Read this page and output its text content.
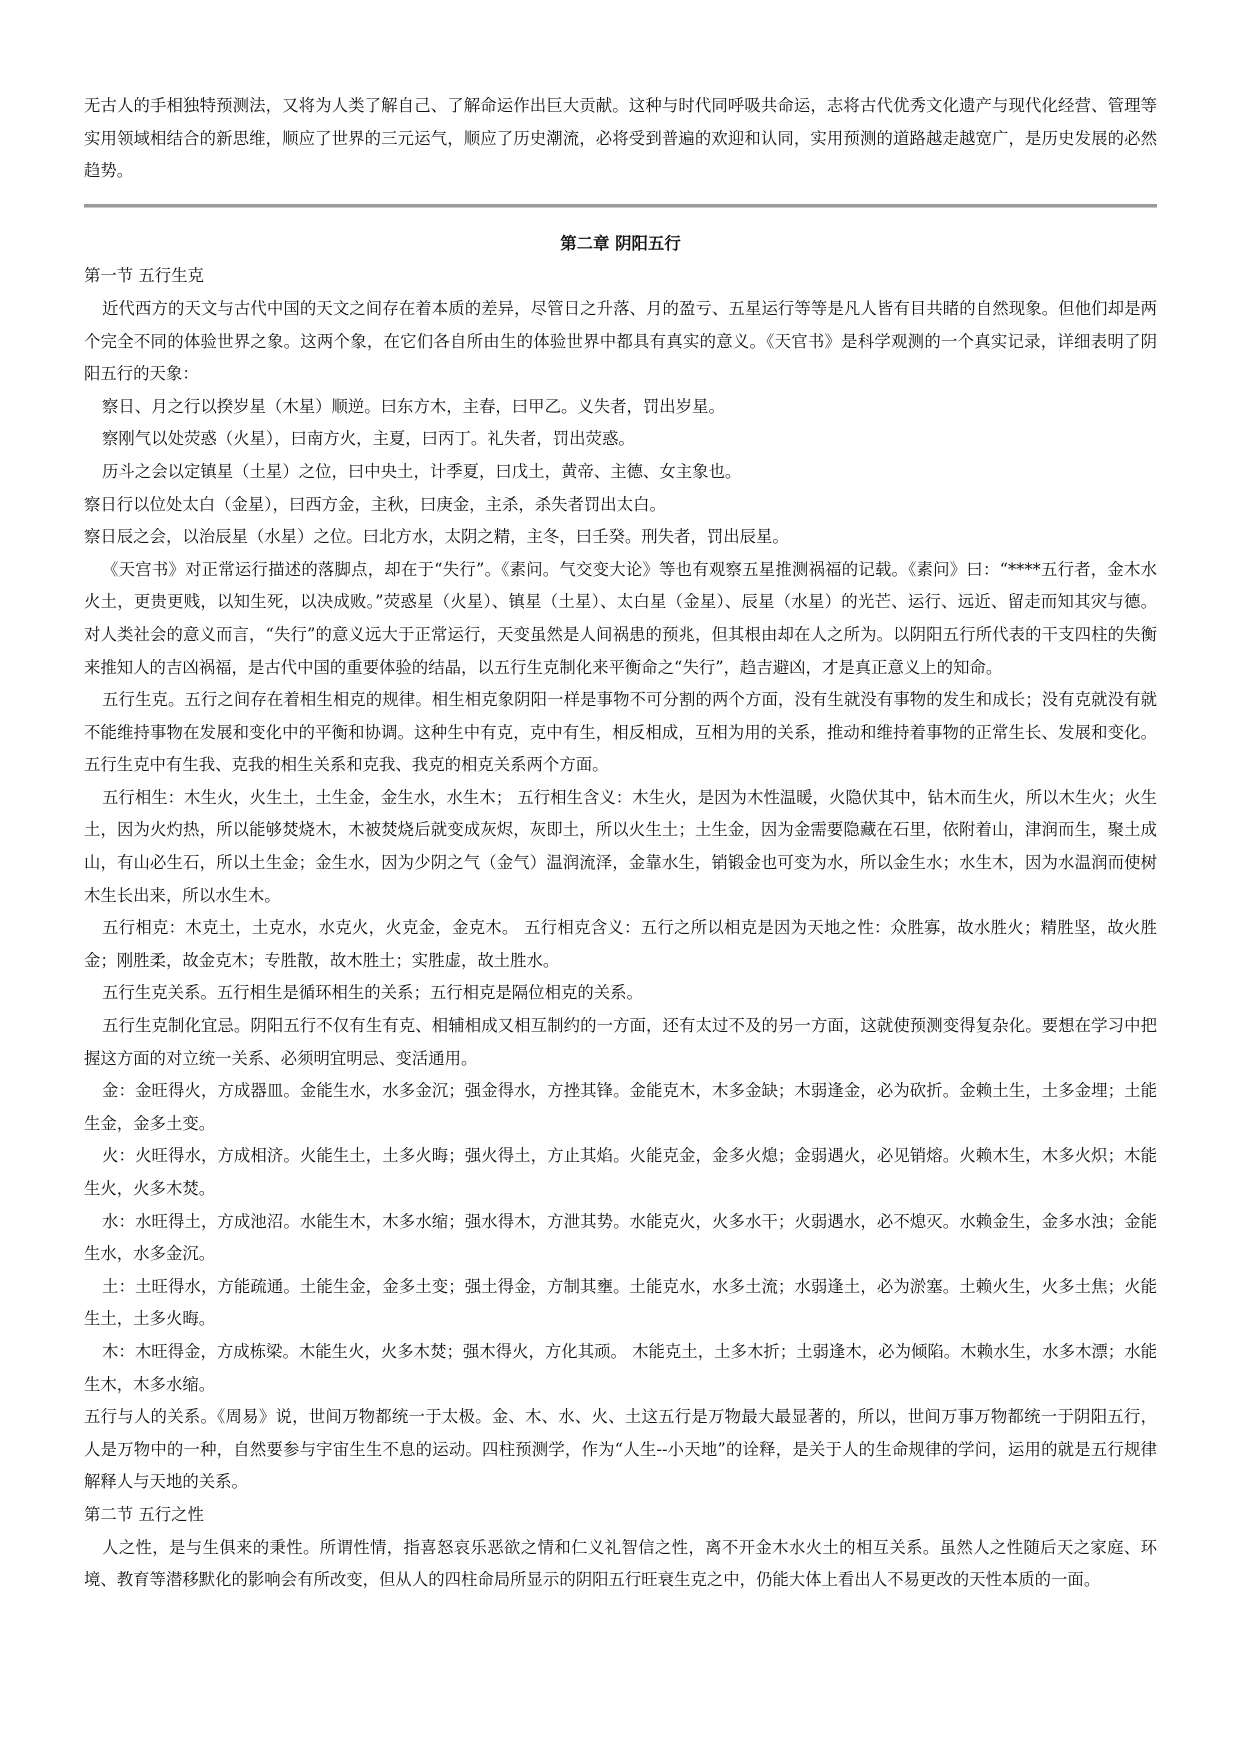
无古人的手相独特预测法，又将为人类了解自己、了解命运作出巨大贡献。这种与时代同呼吸共命运，志将古代优秀文化遗产与现代化经营、管理等实用领域相结合的新思维，顺应了世界的三元运气，顺应了历史潮流，必将受到普遍的欢迎和认同，实用预测的道路越走越宽广，是历史发展的必然趋势。

第二章 阴阳五行

第一节 五行生克

近代西方的天文与古代中国的天文之间存在着本质的差异，尽管日之升落、月的盈亏、五星运行等等是凡人皆有目共睹的自然现象。但他们却是两个完全不同的体验世界之象。这两个象，在它们各自所由生的体验世界中都具有真实的意义。《天官书》是科学观测的一个真实记录，详细表明了阴阳五行的天象：

察日、月之行以揆岁星（木星）顺逆。曰东方木，主春，曰甲乙。义失者，罚出岁星。

察刚气以处荧惑（火星），曰南方火，主夏，曰丙丁。礼失者，罚出荧惑。

历斗之会以定镇星（土星）之位，曰中央土，计季夏，曰戊土，黄帝、主德、女主象也。

察日行以位处太白（金星），曰西方金，主秋，曰庚金，主杀，杀失者罚出太白。

察日辰之会，以治辰星（水星）之位。曰北方水，太阴之精，主冬，曰壬癸。刑失者，罚出辰星。

《天宫书》对正常运行描述的落脚点，却在于“失行”。《素问。气交变大论》等也有观察五星推测祸福的记载。《素问》曰：“****五行者，金木水火土，更贵更贱，以知生死，以决成败。”荧惑星（火星）、镇星（土星）、太白星（金星）、辰星（水星）的光芒、运行、远近、留走而知其灾与德。对人类社会的意义而言，“失行”的意义远大于正常运行，天变虽然是人间祸患的预兆，但其根由却在人之所为。以阴阳五行所代表的干支四柱的失衡来推知人的吉凶祸福，是古代中国的重要体验的结晶，以五行生克制化来平衡命之“失行”，趋吉避凶，才是真正意义上的知命。

五行生克。五行之间存在着相生相克的规律。相生相克象阴阳一样是事物不可分割的两个方面，没有生就没有事物的发生和成长；没有克就没有就不能维持事物在发展和变化中的平衡和协调。这种生中有克，克中有生，相反相成，互相为用的关系，推动和维持着事物的正常生长、发展和变化。五行生克中有生我、克我的相生关系和克我、我克的相克关系两个方面。

五行相生：木生火，火生土，土生金，金生水，水生木； 五行相生含义：木生火，是因为木性温暖，火隐伏其中，钻木而生火，所以木生火；火生土，因为火灼热，所以能够焚烧木，木被焚烧后就变成灰烬，灰即土，所以火生土；土生金，因为金需要隐藏在石里，依附着山，津润而生，聚土成山，有山必生石，所以土生金；金生水，因为少阴之气（金气）温润流泽，金靠水生，销锻金也可变为水，所以金生水；水生木，因为水温润而使树木生长出来，所以水生木。

五行相克：木克土，土克水，水克火，火克金，金克木。 五行相克含义：五行之所以相克是因为天地之性：众胜寡，故水胜火；精胜坚，故火胜金；刚胜柔，故金克木；专胜散，故木胜土；实胜虚，故土胜水。

五行生克关系。五行相生是循环相生的关系；五行相克是隔位相克的关系。

五行生克制化宜忌。阴阳五行不仅有生有克、相辅相成又相互制约的一方面，还有太过不及的另一方面，这就使预测变得复杂化。要想在学习中把握这方面的对立统一关系、必须明宜明忌、变活通用。

金：金旺得火，方成器皿。金能生水，水多金沉；强金得水，方挫其锋。金能克木，木多金缺；木弱逢金，必为砍折。金赖土生，土多金埋；土能生金，金多土变。

火：火旺得水，方成相济。火能生土，土多火晦；强火得土，方止其焰。火能克金，金多火熄；金弱遇火，必见销熔。火赖木生，木多火炽；木能生火，火多木焚。

水：水旺得土，方成池沼。水能生木，木多水缩；强水得木，方泄其势。水能克火，火多水干；火弱遇水，必不熄灭。水赖金生，金多水浊；金能生水，水多金沉。

土：土旺得水，方能疏通。土能生金，金多土变；强土得金，方制其壅。土能克水，水多土流；水弱逢土，必为淤塞。土赖火生，火多土焦；火能生土，土多火晦。

木：木旺得金，方成栋梁。木能生火，火多木焚；强木得火，方化其顽。 木能克土，土多木折；土弱逢木，必为倾陷。木赖水生，水多木漂；水能生木，木多水缩。

五行与人的关系。《周易》说，世间万物都统一于太极。金、木、水、火、土这五行是万物最大最显著的，所以，世间万事万物都统一于阴阳五行，人是万物中的一种，自然要参与宇宙生生不息的运动。四柱预测学，作为“人生--小天地”的诠释，是关于人的生命规律的学问，运用的就是五行规律解释人与天地的关系。

第二节 五行之性

人之性，是与生俱来的秉性。所谓性情，指喜怒哀乐恶欲之情和仁义礼智信之性，离不开金木水火土的相互关系。虽然人之性随后天之家庭、环境、教育等潜移默化的影响会有所改变，但从人的四柱命局所显示的阴阳五行旺衰生克之中，仍能大体上看出人不易更改的天性本质的一面。
